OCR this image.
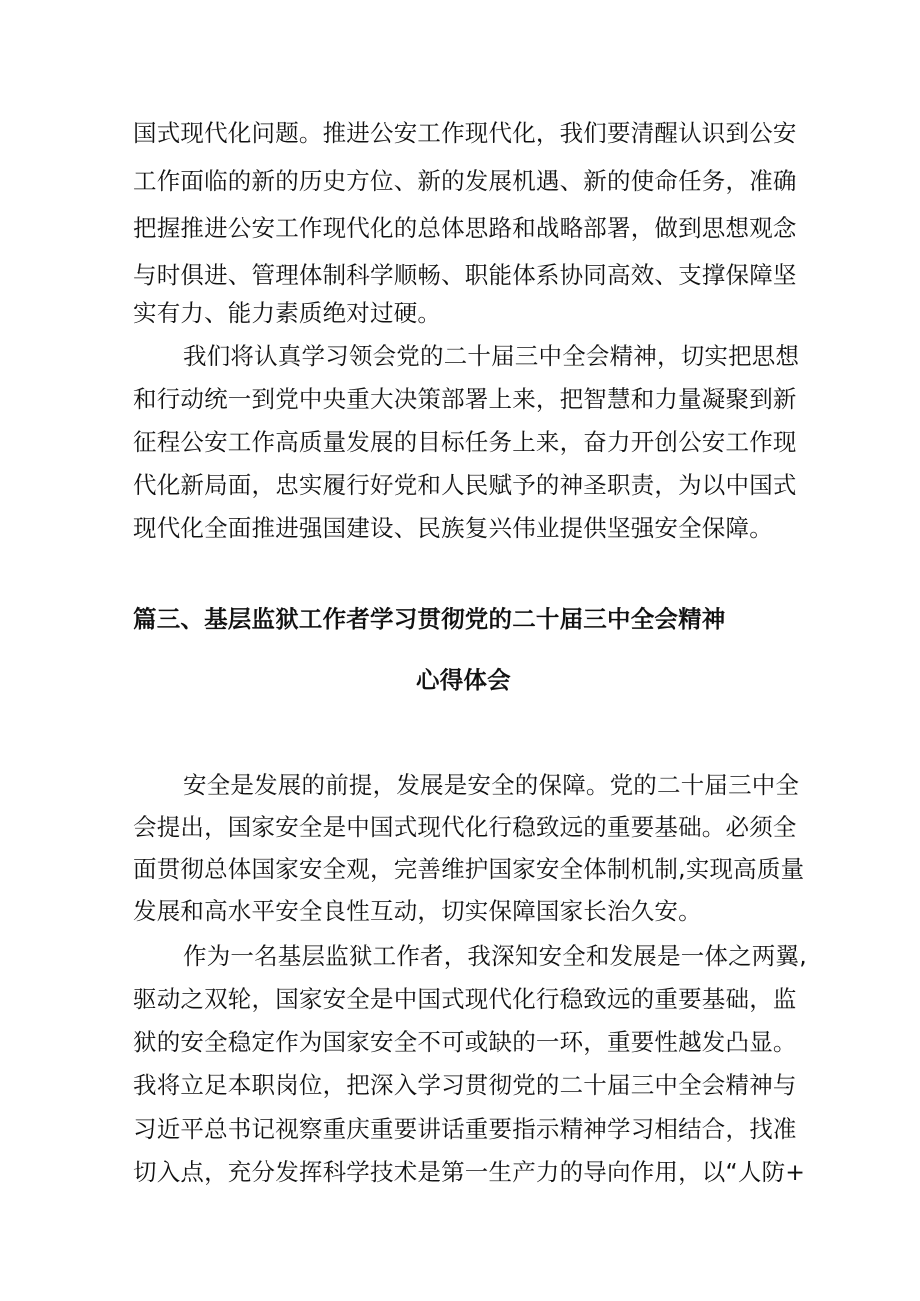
国式现代化问题。推进公安工作现代化，我们要清醒认识到公安
工作面临的新的历史方位、新的发展机遇、新的使命任务，准确
把握推进公安工作现代化的总体思路和战略部署，做到思想观念
与时俱进、管理体制科学顺畅、职能体系协同高效、支撑保障坚
实有力、能力素质绝对过硬。
我们将认真学习领会党的二十届三中全会精神，切实把思想
和行动统一到党中央重大决策部署上来，把智慧和力量凝聚到新
征程公安工作高质量发展的目标任务上来，奋力开创公安工作现
代化新局面，忠实履行好党和人民赋予的神圣职责，为以中国式
现代化全面推进强国建设、民族复兴伟业提供坚强安全保障。
篇三、基层监狱工作者学习贯彻党的二十届三中全会精神
心得体会
安全是发展的前提，发展是安全的保障。党的二十届三中全
会提出，国家安全是中国式现代化行稳致远的重要基础。必须全
面贯彻总体国家安全观，完善维护国家安全体制机制,实现高质量
发展和高水平安全良性互动，切实保障国家长治久安。
作为一名基层监狱工作者，我深知安全和发展是一体之两翼,
驱动之双轮，国家安全是中国式现代化行稳致远的重要基础，监
狱的安全稳定作为国家安全不可或缺的一环，重要性越发凸显。
我将立足本职岗位，把深入学习贯彻党的二十届三中全会精神与
习近平总书记视察重庆重要讲话重要指示精神学习相结合，找准
切入点，充分发挥科学技术是第一生产力的导向作用，以“人防+
